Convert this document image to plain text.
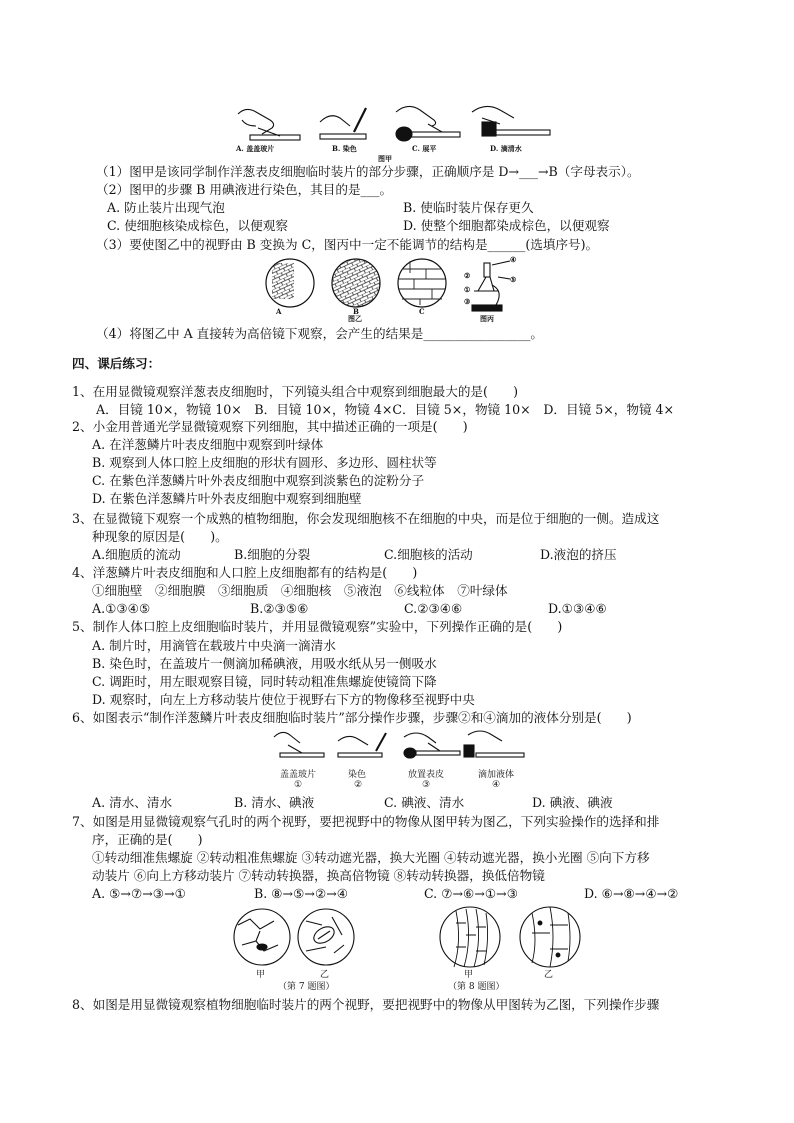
A. 盖盖玻片	B. 染色	C. 展平	D. 滴清水
图甲
（1）图甲是该同学制作洋葱表皮细胞临时装片的部分步骤，正确顺序是 D→___→B（字母表示）。
（2）图甲的步骤 B 用碘液进行染色，其目的是___。
A. 防止装片出现气泡	B. 使临时装片保存更久
C. 使细胞核染成棕色，以便观察	D. 使整个细胞都染成棕色，以便观察
（3）要使图乙中的视野由 B 变换为 C，图丙中一定不能调节的结构是______(选填序号)。
A	B	C
图乙	图丙
④
⑤
①
②
③
（4）将图乙中 A 直接转为高倍镜下观察，会产生的结果是_________________。
四、课后练习：
1、在用显微镜观察洋葱表皮细胞时，下列镜头组合中观察到细胞最大的是(　　)
A．目镜 10×，物镜 10×　B．目镜 10×，物镜 4×C．目镜 5×，物镜 10×　D．目镜 5×，物镜 4×
2、小金用普通光学显微镜观察下列细胞，其中描述正确的一项是(　　)
A. 在洋葱鳞片叶表皮细胞中观察到叶绿体
B. 观察到人体口腔上皮细胞的形状有圆形、多边形、圆柱状等
C. 在紫色洋葱鳞片叶外表皮细胞中观察到淡紫色的淀粉分子
D. 在紫色洋葱鳞片叶外表皮细胞中观察到细胞壁
3、在显微镜下观察一个成熟的植物细胞，你会发现细胞核不在细胞的中央，而是位于细胞的一侧。造成这
种现象的原因是(　　)。
A.细胞质的流动	B.细胞的分裂	C.细胞核的活动	D.液泡的挤压
4、洋葱鳞片叶表皮细胞和人口腔上皮细胞都有的结构是(　　)
①细胞壁　②细胞膜　③细胞质　④细胞核　⑤液泡　⑥线粒体　⑦叶绿体
A.①③④⑤	B.②③⑤⑥	C.②③④⑥	D.①③④⑥
5、制作人体口腔上皮细胞临时装片，并用显微镜观察”实验中，下列操作正确的是(　　)
A. 制片时，用滴管在载玻片中央滴一滴清水
B. 染色时，在盖玻片一侧滴加稀碘液，用吸水纸从另一侧吸水
C. 调距时，用左眼观察目镜，同时转动粗准焦螺旋使镜筒下降
D. 观察时，向左上方移动装片使位于视野右下方的物像移至视野中央
6、如图表示“制作洋葱鳞片叶表皮细胞临时装片”部分操作步骤，步骤②和④滴加的液体分别是(　　)
盖盖玻片	染色	放置表皮	滴加液体
①	②	③	④
A. 清水、清水	B. 清水、碘液	C. 碘液、清水	D. 碘液、碘液
7、如图是用显微镜观察气孔时的两个视野，要把视野中的物像从图甲转为图乙，下列实验操作的选择和排
序，正确的是(　　)
①转动细准焦螺旋 ②转动粗准焦螺旋 ③转动遮光器，换大光圈 ④转动遮光器，换小光圈 ⑤向下方移
动装片 ⑥向上方移动装片 ⑦转动转换器，换高倍物镜 ⑧转动转换器，换低倍物镜
A. ⑤→⑦→③→①	B. ⑧→⑤→②→④	C. ⑦→⑥→①→③	D. ⑥→⑧→④→②
甲	乙	甲	乙
（第 7 题图）	（第 8 题图）
8、如图是用显微镜观察植物细胞临时装片的两个视野，要把视野中的物像从甲图转为乙图，下列操作步骤
